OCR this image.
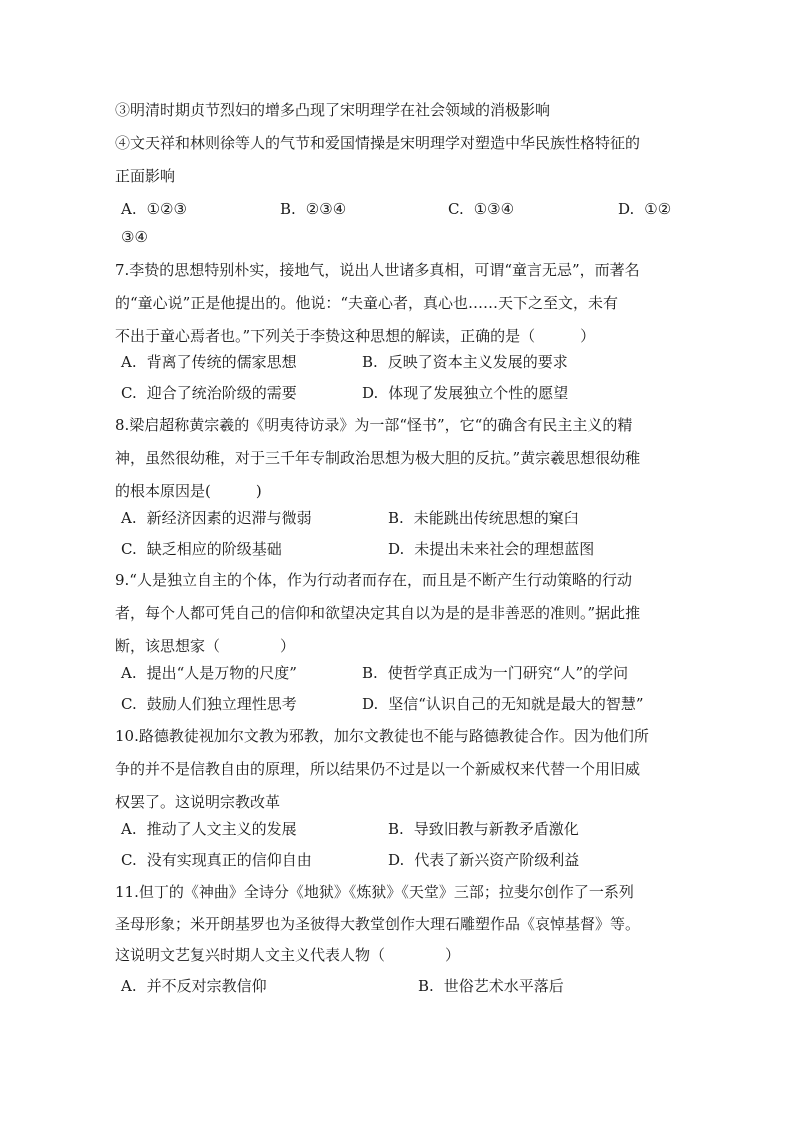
③明清时期贞节烈妇的增多凸现了宋明理学在社会领域的消极影响
④文天祥和林则徐等人的气节和爱国情操是宋明理学对塑造中华民族性格特征的
正面影响
A. ①②③	B. ②③④	C. ①③④	D. ①②
③④
7.李贽的思想特别朴实，接地气，说出人世诸多真相，可谓“童言无忌”，而著名
的“童心说”正是他提出的。他说：“夫童心者，真心也……天下之至文，未有
不出于童心焉者也。”下列关于李贽这种思想的解读，正确的是（　　　）
A. 背离了传统的儒家思想	B. 反映了资本主义发展的要求
C. 迎合了统治阶级的需要	D. 体现了发展独立个性的愿望
8.梁启超称黄宗羲的《明夷待访录》为一部“怪书”，它“的确含有民主主义的精
神，虽然很幼稚，对于三千年专制政治思想为极大胆的反抗。”黄宗羲思想很幼稚
的根本原因是(　　　)
A. 新经济因素的迟滞与微弱	B. 未能跳出传统思想的窠臼
C. 缺乏相应的阶级基础	D. 未提出未来社会的理想蓝图
9.“人是独立自主的个体，作为行动者而存在，而且是不断产生行动策略的行动
者，每个人都可凭自己的信仰和欲望决定其自以为是的是非善恶的准则。”据此推
断，该思想家（　　　　）
A. 提出“人是万物的尺度”	B. 使哲学真正成为一门研究“人”的学问
C. 鼓励人们独立理性思考	D. 坚信“认识自己的无知就是最大的智慧”
10.路德教徒视加尔文教为邪教，加尔文教徒也不能与路德教徒合作。因为他们所
争的并不是信教自由的原理，所以结果仍不过是以一个新威权来代替一个用旧威
权罢了。这说明宗教改革
A. 推动了人文主义的发展	B. 导致旧教与新教矛盾激化
C. 没有实现真正的信仰自由	D. 代表了新兴资产阶级利益
11.但丁的《神曲》全诗分《地狱》《炼狱》《天堂》三部；拉斐尔创作了一系列
圣母形象；米开朗基罗也为圣彼得大教堂创作大理石雕塑作品《哀悼基督》等。
这说明文艺复兴时期人文主义代表人物（　　　　）
A. 并不反对宗教信仰	B. 世俗艺术水平落后
